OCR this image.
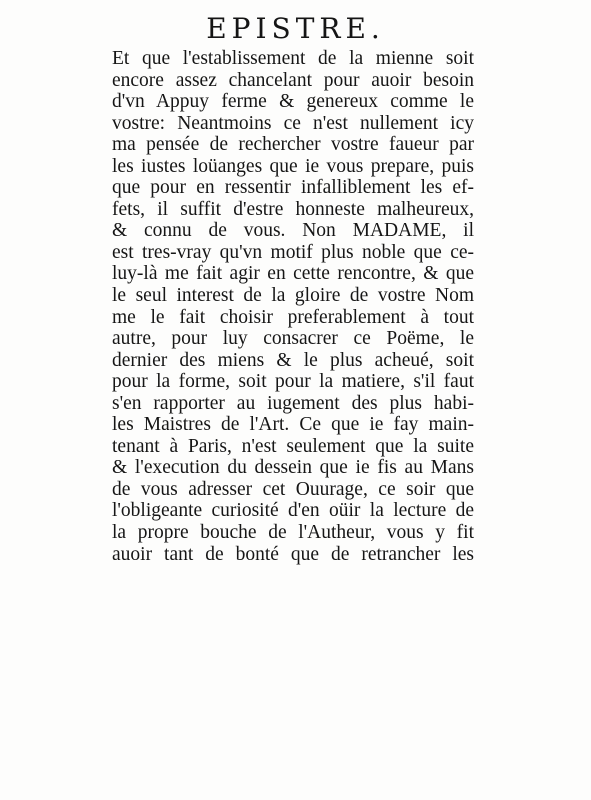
EPISTRE.
Et que l'establissement de la mienne soit
encore assez chancelant pour auoir besoin
d'vn Appuy ferme & genereux comme le
vostre: Neantmoins ce n'est nullement icy
ma pensée de rechercher vostre faueur par
les iustes loüanges que ie vous prepare, puis
que pour en ressentir infalliblement les ef-
fets, il suffit d'estre honneste malheureux,
& connu de vous. Non MADAME, il
est tres-vray qu'vn motif plus noble que ce-
luy-là me fait agir en cette rencontre, & que
le seul interest de la gloire de vostre Nom
me le fait choisir preferablement à tout
autre, pour luy consacrer ce Poëme, le
dernier des miens & le plus acheué, soit
pour la forme, soit pour la matiere, s'il faut
s'en rapporter au iugement des plus habi-
les Maistres de l'Art. Ce que ie fay main-
tenant à Paris, n'est seulement que la suite
& l'execution du dessein que ie fis au Mans
de vous adresser cet Ouurage, ce soir que
l'obligeante curiosité d'en oüir la lecture de
la propre bouche de l'Autheur, vous y fit
auoir tant de bonté que de retrancher les
